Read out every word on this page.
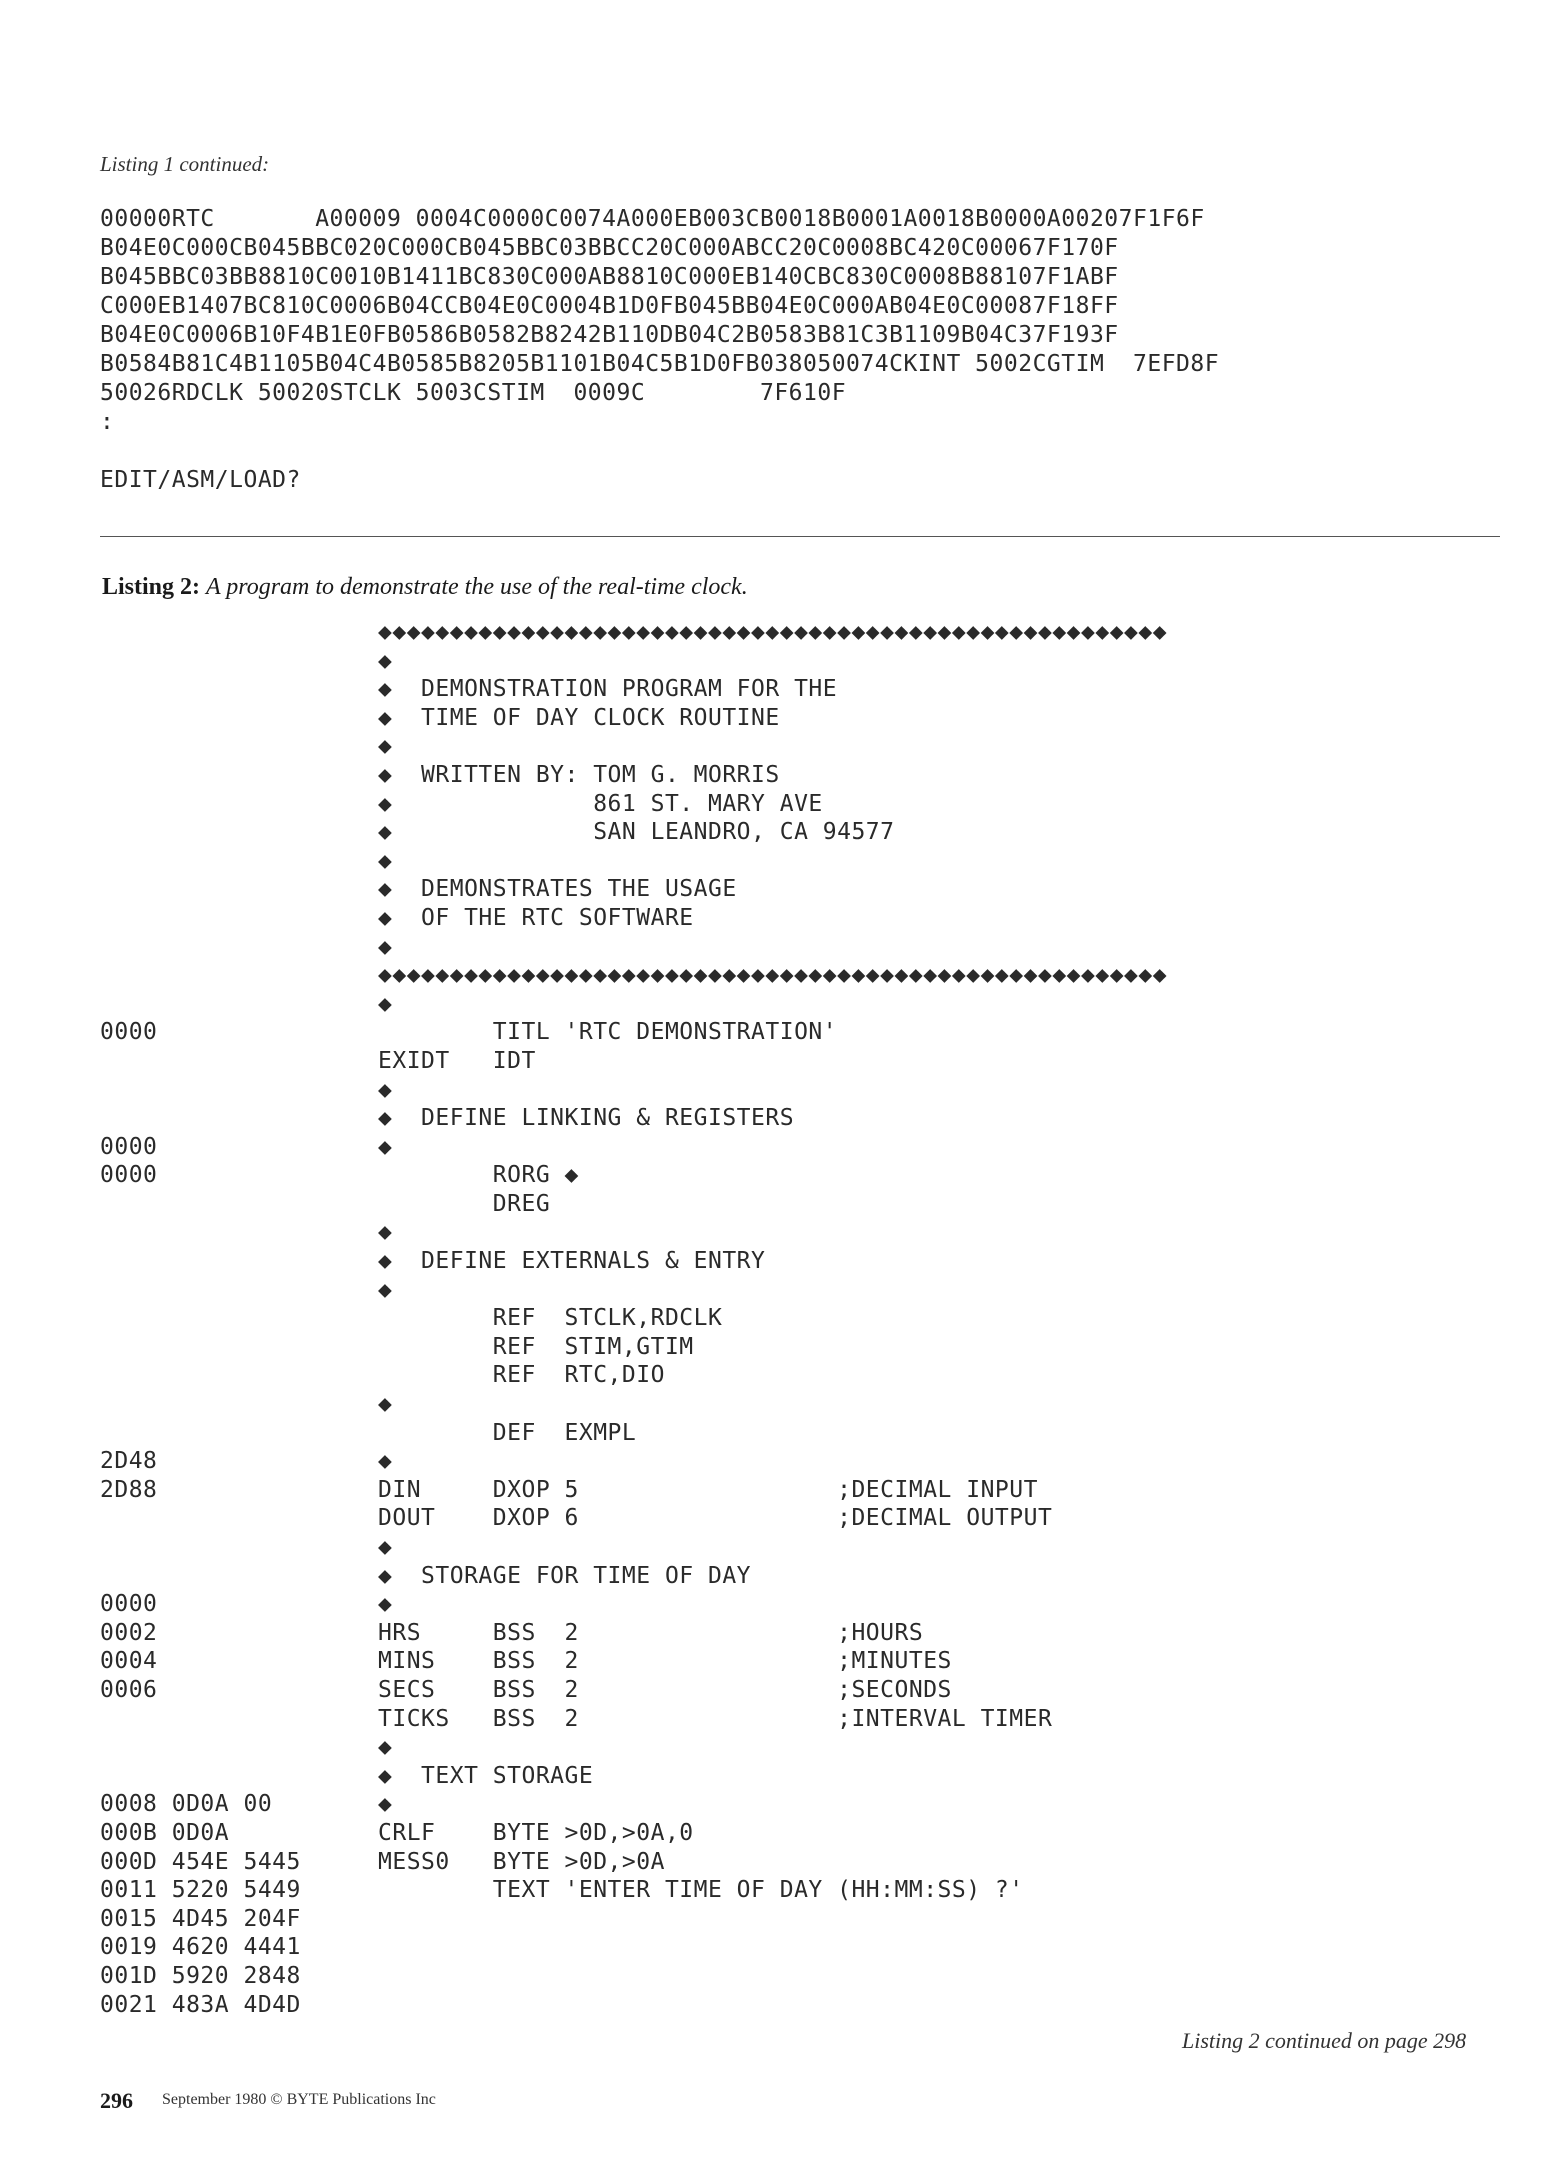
Listing 1 continued:
00000RTC       A00009 0004C0000C0074A000EB003CB0018B0001A0018B0000A00207F1F6F
B04E0C000CB045BBC020C000CB045BBC03BBCC20C000ABCC20C0008BC420C00067F170F
B045BBC03BB8810C0010B1411BC830C000AB8810C000EB140CBC830C0008B88107F1ABF
C000EB1407BC810C0006B04CCB04E0C0004B1D0FB045BB04E0C000AB04E0C00087F18FF
B04E0C0006B10F4B1E0FB0586B0582B8242B110DB04C2B0583B81C3B1109B04C37F193F
B0584B81C4B1105B04C4B0585B8205B1101B04C5B1D0FB038050074CKINT 5002CGTIM  7EFD8F
50026RDCLK 50020STCLK 5003CSTIM  0009C        7F610F
:
EDIT/ASM/LOAD?
Listing 2: A program to demonstrate the use of the real-time clock.

0000

0000
0000

2D48
2D88

0000
0002
0004
0006

0008 0D0A 00
000B 0D0A
000D 454E 5445
0011 5220 5449
0015 4D45 204F
0019 4620 4441
001D 5920 2848
0021 483A 4D4D
◆◆◆◆◆◆◆◆◆◆◆◆◆◆◆◆◆◆◆◆◆◆◆◆◆◆◆◆◆◆◆◆◆◆◆◆◆◆◆◆◆◆◆◆◆◆◆◆◆◆◆◆◆◆◆
◆
◆  DEMONSTRATION PROGRAM FOR THE
◆  TIME OF DAY CLOCK ROUTINE
◆
◆  WRITTEN BY: TOM G. MORRIS
◆              861 ST. MARY AVE
◆              SAN LEANDRO, CA 94577
◆
◆  DEMONSTRATES THE USAGE
◆  OF THE RTC SOFTWARE
◆
◆◆◆◆◆◆◆◆◆◆◆◆◆◆◆◆◆◆◆◆◆◆◆◆◆◆◆◆◆◆◆◆◆◆◆◆◆◆◆◆◆◆◆◆◆◆◆◆◆◆◆◆◆◆◆
◆
TITL 'RTC DEMONSTRATION'
EXIDT   IDT
◆
◆  DEFINE LINKING & REGISTERS
◆
RORG ◆
DREG
◆
◆  DEFINE EXTERNALS & ENTRY
◆
REF  STCLK,RDCLK
REF  STIM,GTIM
REF  RTC,DIO
◆
DEF  EXMPL
◆
DIN     DXOP 5                  ;DECIMAL INPUT
DOUT    DXOP 6                  ;DECIMAL OUTPUT
◆
◆  STORAGE FOR TIME OF DAY
◆
HRS     BSS  2                  ;HOURS
MINS    BSS  2                  ;MINUTES
SECS    BSS  2                  ;SECONDS
TICKS   BSS  2                  ;INTERVAL TIMER
◆
◆  TEXT STORAGE
◆
CRLF    BYTE >0D,>0A,0
MESS0   BYTE >0D,>0A
TEXT 'ENTER TIME OF DAY (HH:MM:SS) ?'
Listing 2 continued on page 298
296 September 1980 © BYTE Publications Inc
